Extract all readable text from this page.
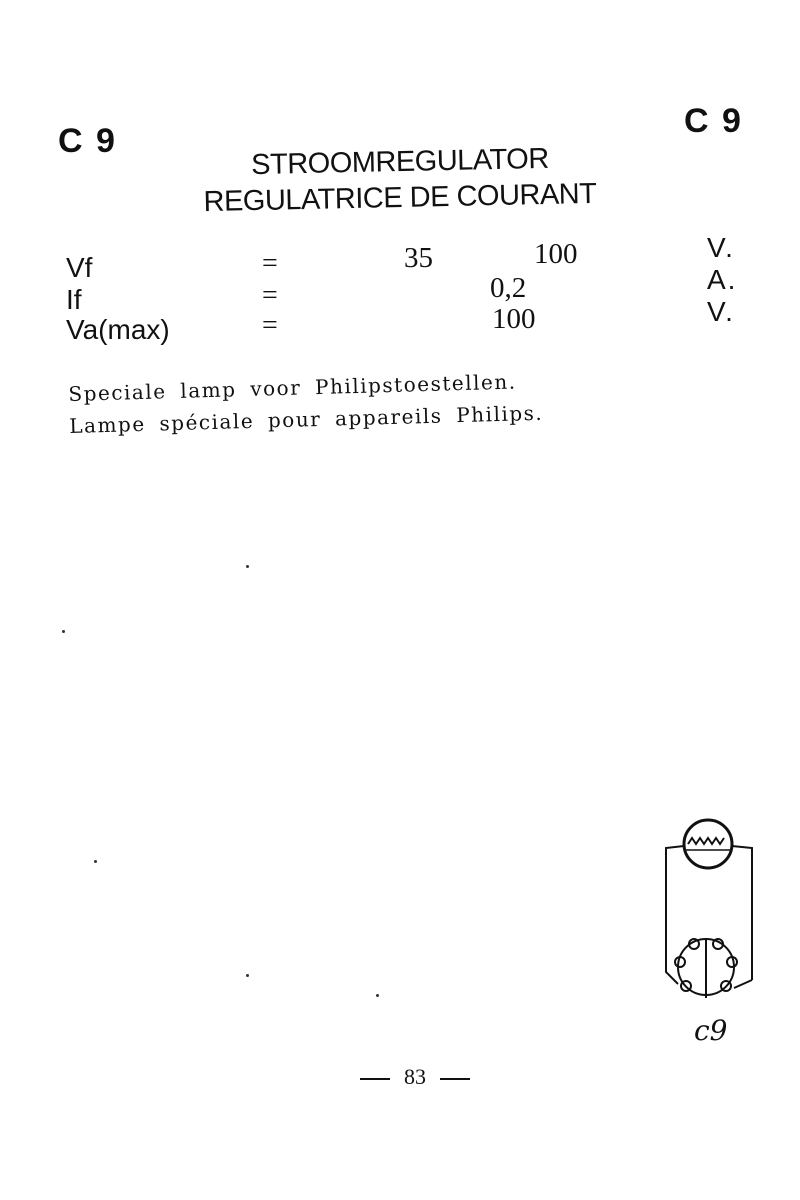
C 9
C 9
STROOMREGULATOR
REGULATRICE DE COURANT
Vf	=	35	100	V.
If	=	0,2	A.
Va(max)	=	100	V.
Speciale lamp voor Philipstoestellen.
Lampe spéciale pour appareils Philips.
c9
83
